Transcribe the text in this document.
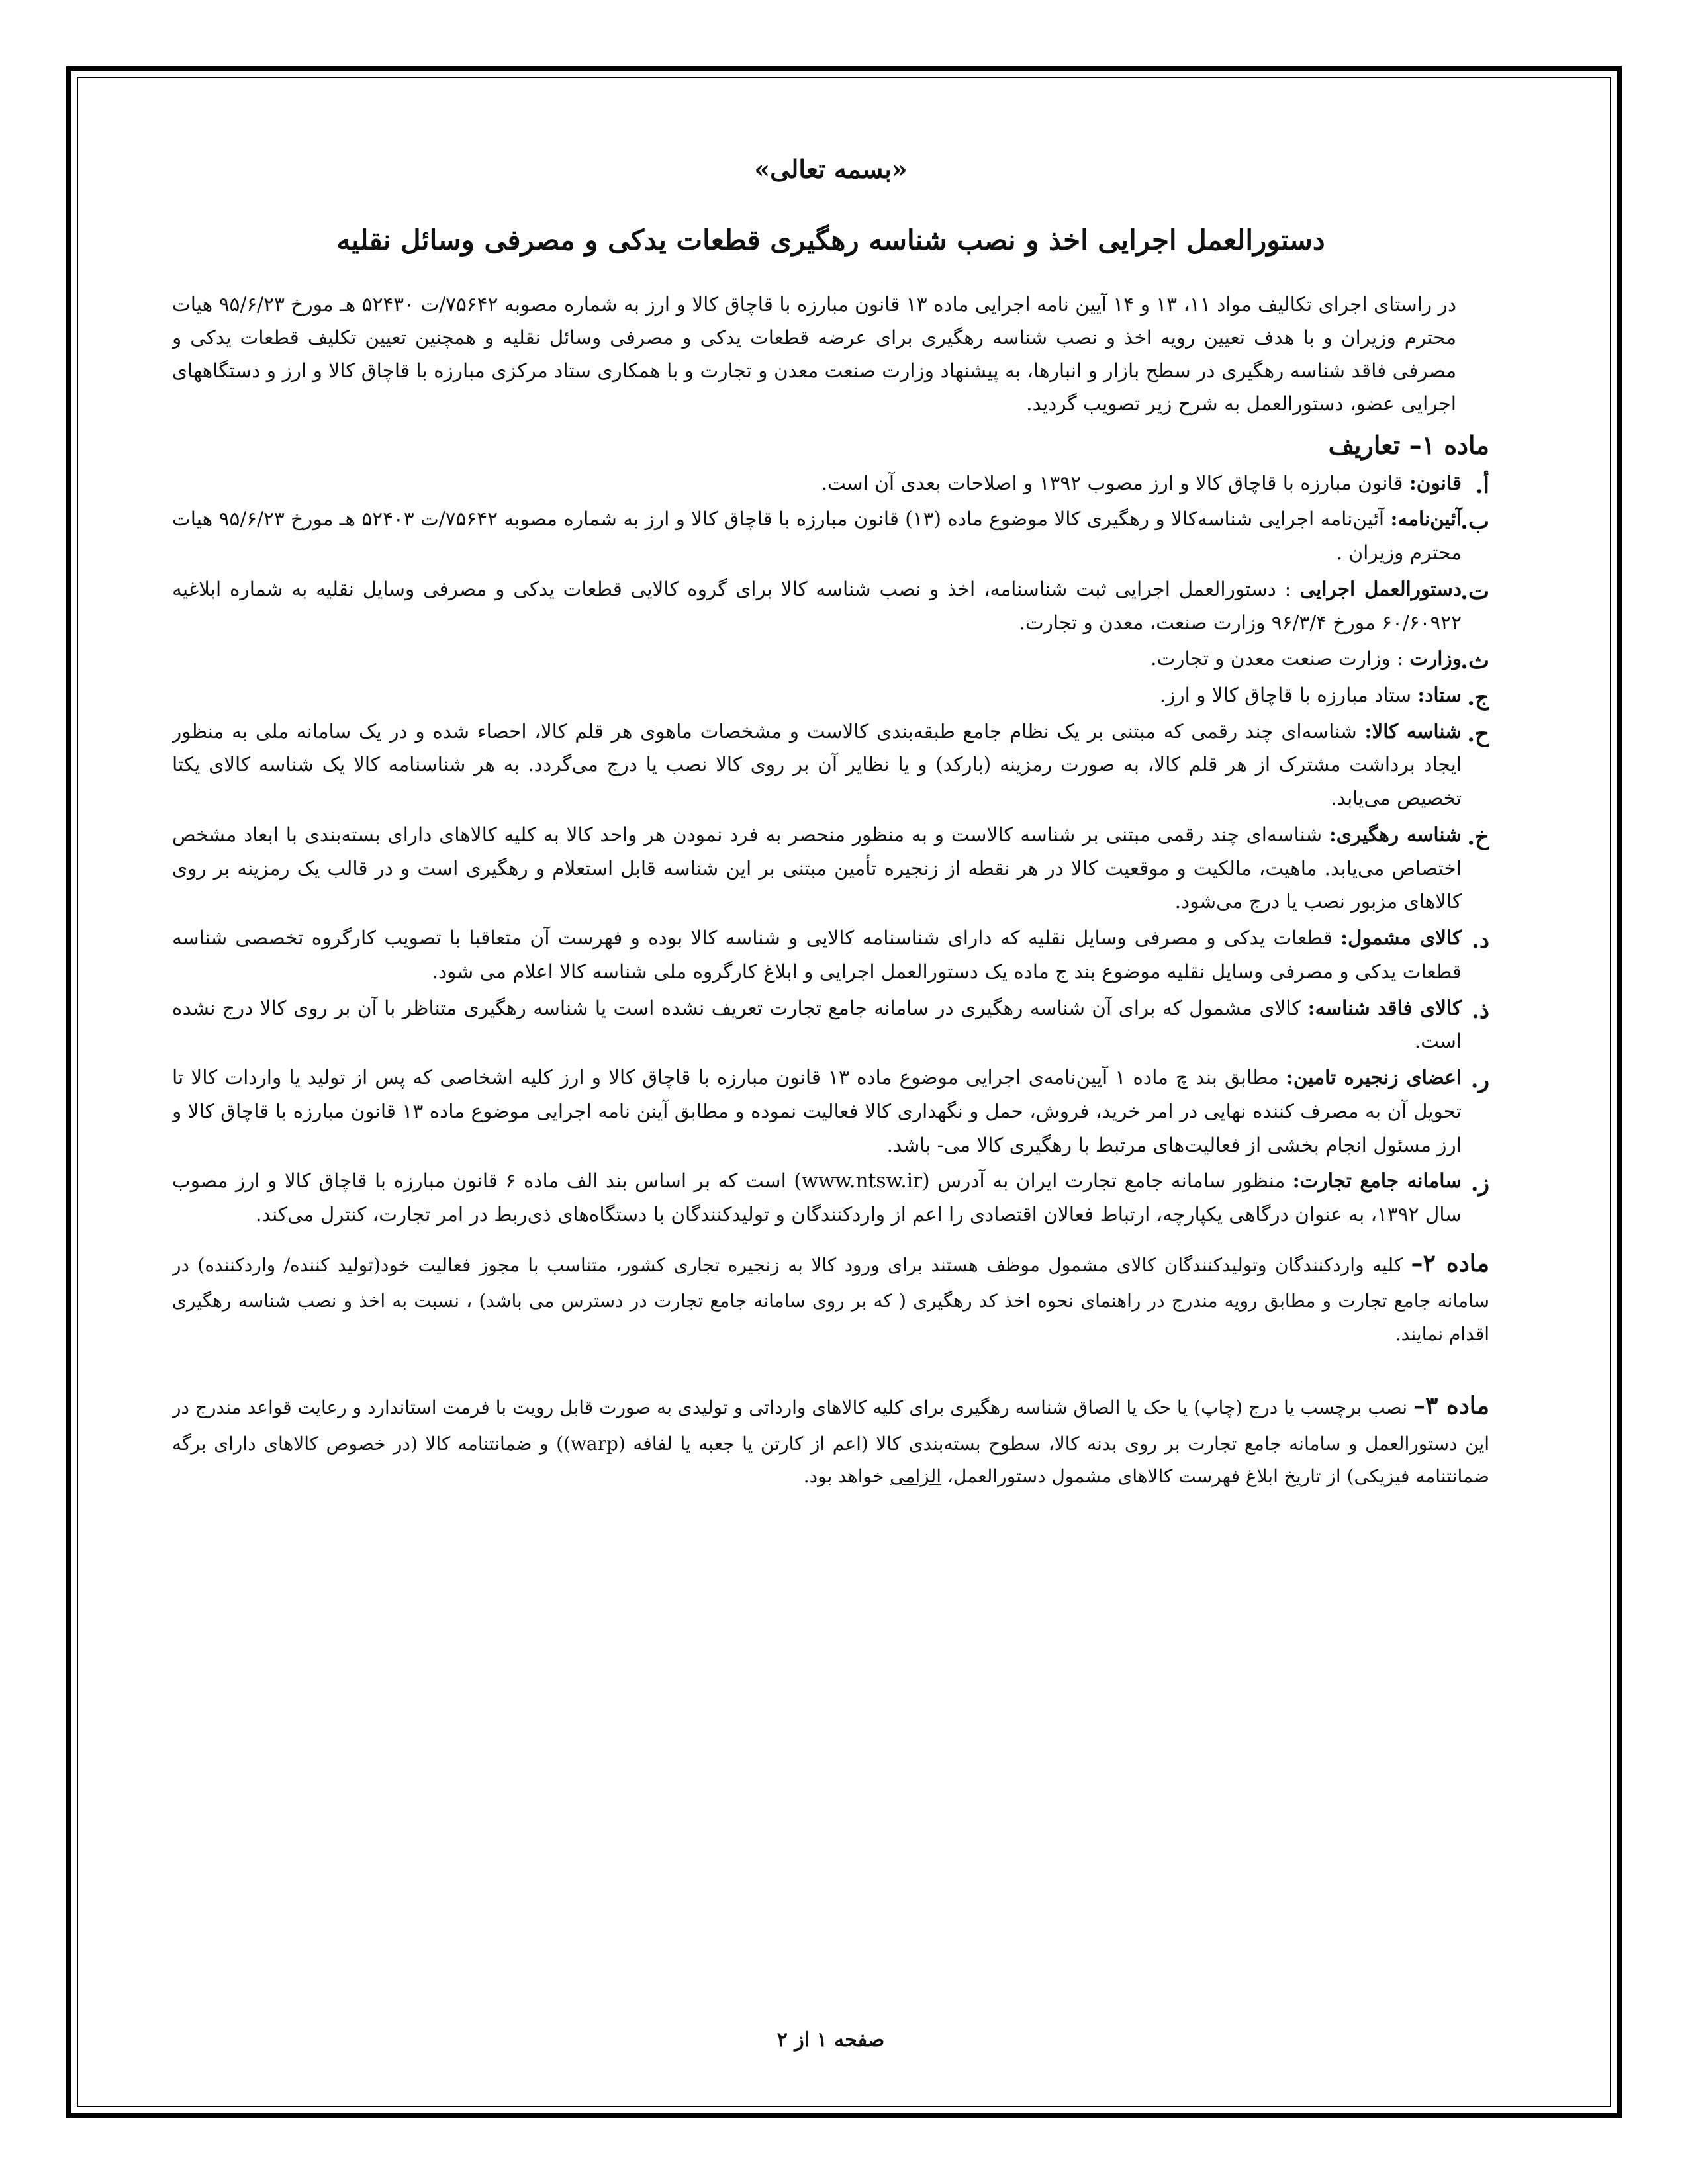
«بسمه تعالی»
دستورالعمل اجرایی اخذ و نصب شناسه رهگیری قطعات یدکی و مصرفی وسائل نقلیه

در راستای اجرای تکالیف مواد ۱۱، ۱۳ و ۱۴ آیین نامه اجرایی ماده ۱۳ قانون مبارزه با قاچاق کالا و ارز به شماره مصوبه ۷۵۶۴۲/ت ۵۲۴۳۰ هـ مورخ ۹۵/۶/۲۳ هیات محترم وزیران و با هدف تعیین رویه اخذ و نصب شناسه رهگیری برای عرضه قطعات یدکی و مصرفی وسائل نقلیه و همچنین تعیین تکلیف قطعات یدکی و مصرفی فاقد شناسه رهگیری در سطح بازار و انبارها، به پیشنهاد وزارت صنعت معدن و تجارت و با همکاری ستاد مرکزی مبارزه با قاچاق کالا و ارز و دستگاههای اجرایی عضو، دستورالعمل به شرح زیر تصویب گردید.

ماده ۱– تعاریف
أ.
قانون: قانون مبارزه با قاچاق کالا و ارز مصوب ۱۳۹۲ و اصلاحات بعدی آن است.
ب.
آئین‌نامه: آئین‌نامه اجرایی شناسه‌کالا و رهگیری کالا موضوع ماده (۱۳) قانون مبارزه با قاچاق کالا و ارز به شماره مصوبه ۷۵۶۴۲/ت ۵۲۴۰۳ هـ مورخ ۹۵/۶/۲۳ هیات محترم وزیران .
ت.
دستورالعمل اجرایی : دستورالعمل اجرایی ثبت شناسنامه، اخذ و نصب شناسه کالا برای گروه کالایی قطعات یدکی و مصرفی وسایل نقلیه به شماره ابلاغیه ۶۰/۶۰۹۲۲ مورخ ۹۶/۳/۴ وزارت صنعت، معدن و تجارت.
ث.
وزارت : وزارت صنعت معدن و تجارت.
ج.
ستاد: ستاد مبارزه با قاچاق کالا و ارز.
ح.
شناسه کالا: شناسه‌ای چند رقمی که مبتنی بر یک نظام جامع طبقه‌بندی کالاست و مشخصات ماهوی هر قلم کالا، احصاء شده و در یک سامانه ملی به منظور ایجاد برداشت مشترک از هر قلم کالا، به صورت رمزینه (بارکد) و یا نظایر آن بر روی کالا نصب یا درج می‌گردد. به هر شناسنامه کالا یک شناسه کالای یکتا تخصیص می‌یابد.
خ.
شناسه رهگیری: شناسه‌ای چند رقمی مبتنی بر شناسه کالاست و به منظور منحصر به فرد نمودن هر واحد کالا به کلیه کالاهای دارای بسته‌بندی با ابعاد مشخص اختصاص می‌یابد. ماهیت، مالکیت و موقعیت کالا در هر نقطه از زنجیره تأمین مبتنی بر این شناسه قابل استعلام و رهگیری است و در قالب یک رمزینه بر روی کالاهای مزبور نصب یا درج می‌شود.
د.
کالای مشمول: قطعات یدکی و مصرفی وسایل نقلیه که دارای شناسنامه کالایی و شناسه کالا بوده و فهرست آن متعاقبا با تصویب کارگروه تخصصی شناسه قطعات یدکی و مصرفی وسایل نقلیه موضوع بند ج ماده یک دستورالعمل اجرایی و ابلاغ کارگروه ملی شناسه کالا اعلام می شود.
ذ.
کالای فاقد شناسه: کالای مشمول که برای آن شناسه رهگیری در سامانه جامع تجارت تعریف نشده است یا شناسه رهگیری متناظر با آن بر روی کالا درج نشده است.
ر.
اعضای زنجیره تامین: مطابق بند چ ماده ۱ آیین‌نامه‌ی اجرایی موضوع ماده ۱۳ قانون مبارزه با قاچاق کالا و ارز کلیه اشخاصی که پس از تولید یا واردات کالا تا تحویل آن به مصرف کننده نهایی در امر خرید، فروش، حمل و نگهداری کالا فعالیت نموده و مطابق آینن نامه اجرایی موضوع ماده ۱۳ قانون مبارزه با قاچاق کالا و ارز مسئول انجام بخشی از فعالیت‌های مرتبط با رهگیری کالا می- باشد.
ز.
سامانه جامع تجارت: منظور سامانه جامع تجارت ایران به آدرس (www.ntsw.ir) است که بر اساس بند الف ماده ۶ قانون مبارزه با قاچاق کالا و ارز مصوب سال ۱۳۹۲، به عنوان درگاهی یکپارچه، ارتباط فعالان اقتصادی را اعم از واردکنندگان و تولیدکنندگان با دستگاه‌های ذی‌ربط در امر تجارت، کنترل می‌کند.

ماده ۲– کلیه واردکنندگان وتولیدکنندگان کالای مشمول موظف هستند برای ورود کالا به زنجیره تجاری کشور، متناسب با مجوز فعالیت خود(تولید کننده/ واردکننده) در سامانه جامع تجارت و مطابق رویه مندرج در راهنمای نحوه اخذ کد رهگیری ( که بر روی سامانه جامع تجارت در دسترس می باشد) ، نسبت به اخذ و نصب شناسه رهگیری اقدام نمایند.

ماده ۳– نصب برچسب یا درج (چاپ) یا حک یا الصاق شناسه رهگیری برای کلیه کالاهای وارداتی و تولیدی به صورت قابل رویت با فرمت استاندارد و رعایت قواعد مندرج در این دستورالعمل و سامانه جامع تجارت بر روی بدنه کالا، سطوح بسته‌بندی کالا (اعم از کارتن یا جعبه یا لفافه (warp)) و ضمانتنامه کالا (در خصوص کالاهای دارای برگه ضمانتنامه فیزیکی) از تاریخ ابلاغ فهرست کالاهای مشمول دستورالعمل، الزامی خواهد بود.

صفحه ۱ از ۲
